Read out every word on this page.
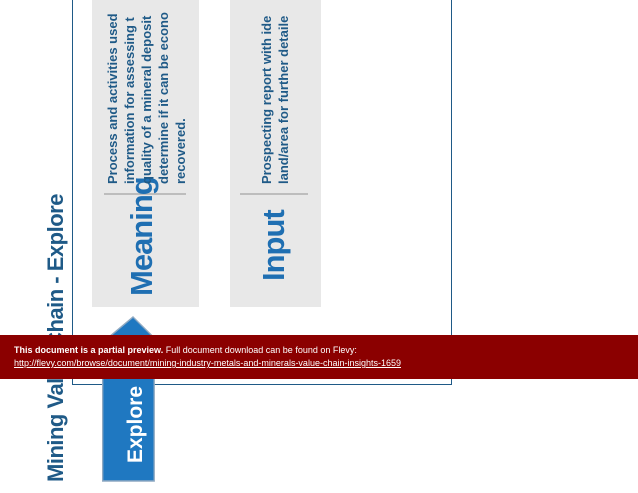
Meaning
Process and activities used information for assessing t quality of a mineral deposit determine if it can be econo recovered.
Input
Prospecting report with ide land/area for further detaile
Explore
This document is a partial preview. Full document download can be found on Flevy:
http://flevy.com/browse/document/mining-industry-metals-and-minerals-value-chain-insights-1659
